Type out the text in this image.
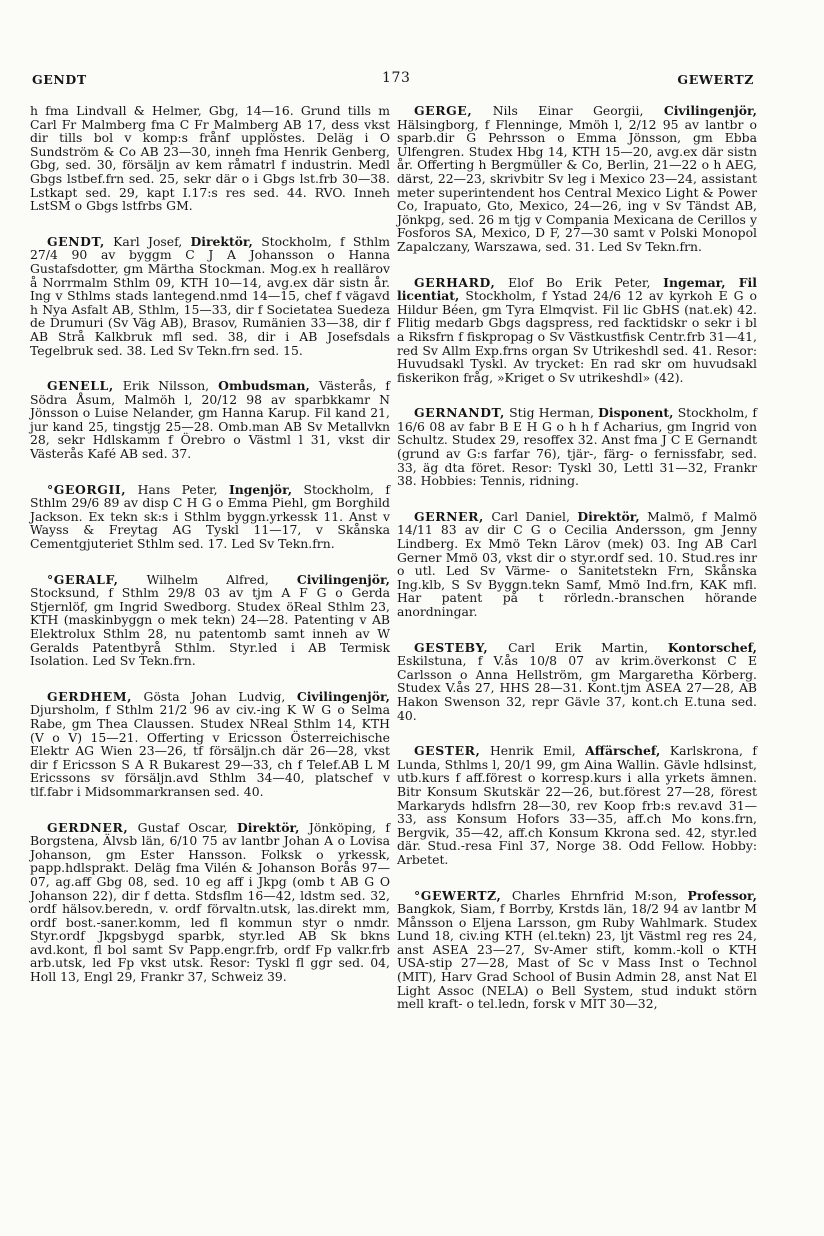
GENDT	173	GEWERTZ

h fma Lindvall & Helmer, Gbg, 14—16. Grund tills m Carl Fr Malmberg fma C Fr Malmberg AB 17, dess vkst dir tills bol v komp:s frånf upplöstes. Deläg i O Sundström & Co AB 23—30, inneh fma Henrik Genberg, Gbg, sed. 30, försäljn av kem råmatrl f industrin. Medl Gbgs lstbef.frn sed. 25, sekr där o i Gbgs lst.frb 30—38. Lstkapt sed. 29, kapt I.17:s res sed. 44. RVO. Inneh LstSM o Gbgs lstfrbs GM.

GENDT, Karl Josef, Direktör, Stockholm, f Sthlm 27/4 90 av byggm C J A Johansson o Hanna Gustafsdotter, gm Märtha Stockman. Mog.ex h reallärov å Norrmalm Sthlm 09, KTH 10—14, avg.ex där sistn år. Ing v Sthlms stads lantegend.nmd 14—15, chef f vägavd h Nya Asfalt AB, Sthlm, 15—33, dir f Societatea Suedeza de Drumuri (Sv Väg AB), Brasov, Rumänien 33—38, dir f AB Strå Kalkbruk mfl sed. 38, dir i AB Josefsdals Tegelbruk sed. 38. Led Sv Tekn.frn sed. 15.

GENELL, Erik Nilsson, Ombudsman, Västerås, f Södra Åsum, Malmöh l, 20/12 98 av sparbkkamr N Jönsson o Luise Nelander, gm Hanna Karup. Fil kand 21, jur kand 25, tingstjg 25—28. Omb.man AB Sv Metallvkn 28, sekr Hdlskamm f Örebro o Västml l 31, vkst dir Västerås Kafé AB sed. 37.

°GEORGII, Hans Peter, Ingenjör, Stockholm, f Sthlm 29/6 89 av disp C H G o Emma Piehl, gm Borghild Jackson. Ex tekn sk:s i Sthlm byggn.yrkessk 11. Anst v Wayss & Freytag AG Tyskl 11—17, v Skånska Cementgjuteriet Sthlm sed. 17. Led Sv Tekn.frn.

°GERALF, Wilhelm Alfred, Civilingenjör, Stocksund, f Sthlm 29/8 03 av tjm A F G o Gerda Stjernlöf, gm Ingrid Swedborg. Studex öReal Sthlm 23, KTH (maskinbyggn o mek tekn) 24—28. Patenting v AB Elektrolux Sthlm 28, nu patentomb samt inneh av W Geralds Patentbyrå Sthlm. Styr.led i AB Termisk Isolation. Led Sv Tekn.frn.

GERDHEM, Gösta Johan Ludvig, Civilingenjör, Djursholm, f Sthlm 21/2 96 av civ.-ing K W G o Selma Rabe, gm Thea Claussen. Studex NReal Sthlm 14, KTH (V o V) 15—21. Offerting v Ericsson Österreichische Elektr AG Wien 23—26, tf försäljn.ch där 26—28, vkst dir f Ericsson S A R Bukarest 29—33, ch f Telef.AB L M Ericssons sv försäljn.avd Sthlm 34—40, platschef v tlf.fabr i Midsommarkransen sed. 40.

GERDNER, Gustaf Oscar, Direktör, Jönköping, f Borgstena, Älvsb län, 6/10 75 av lantbr Johan A o Lovisa Johanson, gm Ester Hansson. Folksk o yrkessk, papp.hdlsprakt. Deläg fma Vilén & Johanson Borås 97—07, ag.aff Gbg 08, sed. 10 eg aff i Jkpg (omb t AB G O Johanson 22), dir f detta. Stdsflm 16—42, ldstm sed. 32, ordf hälsov.beredn, v. ordf förvaltn.utsk, las.direkt mm, ordf bost.-saner.komm, led fl kommun styr o nmdr. Styr.ordf Jkpgsbygd sparbk, styr.led AB Sk bkns avd.kont, fl bol samt Sv Papp.engr.frb, ordf Fp valkr.frb arb.utsk, led Fp vkst utsk. Resor: Tyskl fl ggr sed. 04, Holl 13, Engl 29, Frankr 37, Schweiz 39.

GERGE, Nils Einar Georgii, Civilingenjör, Hälsingborg, f Flenninge, Mmöh l, 2/12 95 av lantbr o sparb.dir G Pehrsson o Emma Jönsson, gm Ebba Ulfengren. Studex Hbg 14, KTH 15—20, avg.ex där sistn år. Offerting h Bergmüller & Co, Berlin, 21—22 o h AEG, därst, 22—23, skrivbitr Sv leg i Mexico 23—24, assistant meter superintendent hos Central Mexico Light & Power Co, Irapuato, Gto, Mexico, 24—26, ing v Sv Tändst AB, Jönkpg, sed. 26 m tjg v Compania Mexicana de Cerillos y Fosforos SA, Mexico, D F, 27—30 samt v Polski Monopol Zapalczany, Warszawa, sed. 31. Led Sv Tekn.frn.

GERHARD, Elof Bo Erik Peter, Ingemar, Fil licentiat, Stockholm, f Ystad 24/6 12 av kyrkoh E G o Hildur Béen, gm Tyra Elmqvist. Fil lic GbHS (nat.ek) 42. Flitig medarb Gbgs dagspress, red facktidskr o sekr i bl a Riksfrn f fiskpropag o Sv Västkustfisk Centr.frb 31—41, red Sv Allm Exp.frns organ Sv Utrikeshdl sed. 41. Resor: Huvudsakl Tyskl. Av trycket: En rad skr om huvudsakl fiskerikon fråg, »Kriget o Sv utrikeshdl» (42).

GERNANDT, Stig Herman, Disponent, Stockholm, f 16/6 08 av fabr B E H G o h h f Acharius, gm Ingrid von Schultz. Studex 29, resoffex 32. Anst fma J C E Gernandt (grund av G:s farfar 76), tjär-, färg- o fernissfabr, sed. 33, äg dta föret. Resor: Tyskl 30, Lettl 31—32, Frankr 38. Hobbies: Tennis, ridning.

GERNER, Carl Daniel, Direktör, Malmö, f Malmö 14/11 83 av dir C G o Cecilia Andersson, gm Jenny Lindberg. Ex Mmö Tekn Lärov (mek) 03. Ing AB Carl Gerner Mmö 03, vkst dir o styr.ordf sed. 10. Stud.res inr o utl. Led Sv Värme- o Sanitetstekn Frn, Skånska Ing.klb, S Sv Byggn.tekn Samf, Mmö Ind.frn, KAK mfl. Har patent på t rörledn.-branschen hörande anordningar.

GESTEBY, Carl Erik Martin, Kontorschef, Eskilstuna, f V.ås 10/8 07 av krim.överkonst C E Carlsson o Anna Hellström, gm Margaretha Körberg. Studex V.ås 27, HHS 28—31. Kont.tjm ASEA 27—28, AB Hakon Swenson 32, repr Gävle 37, kont.ch E.tuna sed. 40.

GESTER, Henrik Emil, Affärschef, Karlskrona, f Lunda, Sthlms l, 20/1 99, gm Aina Wallin. Gävle hdlsinst, utb.kurs f aff.förest o korresp.kurs i alla yrkets ämnen. Bitr Konsum Skutskär 22—26, but.förest 27—28, förest Markaryds hdlsfrn 28—30, rev Koop frb:s rev.avd 31—33, ass Konsum Hofors 33—35, aff.ch Mo kons.frn, Bergvik, 35—42, aff.ch Konsum Kkrona sed. 42, styr.led där. Stud.-resa Finl 37, Norge 38. Odd Fellow. Hobby: Arbetet.

°GEWERTZ, Charles Ehrnfrid M:son, Professor, Bangkok, Siam, f Borrby, Krstds län, 18/2 94 av lantbr M Månsson o Eljena Larsson, gm Ruby Wahlmark. Studex Lund 18, civ.ing KTH (el.tekn) 23, ljt Västml reg res 24, anst ASEA 23—27, Sv-Amer stift, komm.-koll o KTH USA-stip 27—28, Mast of Sc v Mass Inst o Technol (MIT), Harv Grad School of Busin Admin 28, anst Nat El Light Assoc (NELA) o Bell System, stud indukt störn mell kraft- o tel.ledn, forsk v MIT 30—32,
